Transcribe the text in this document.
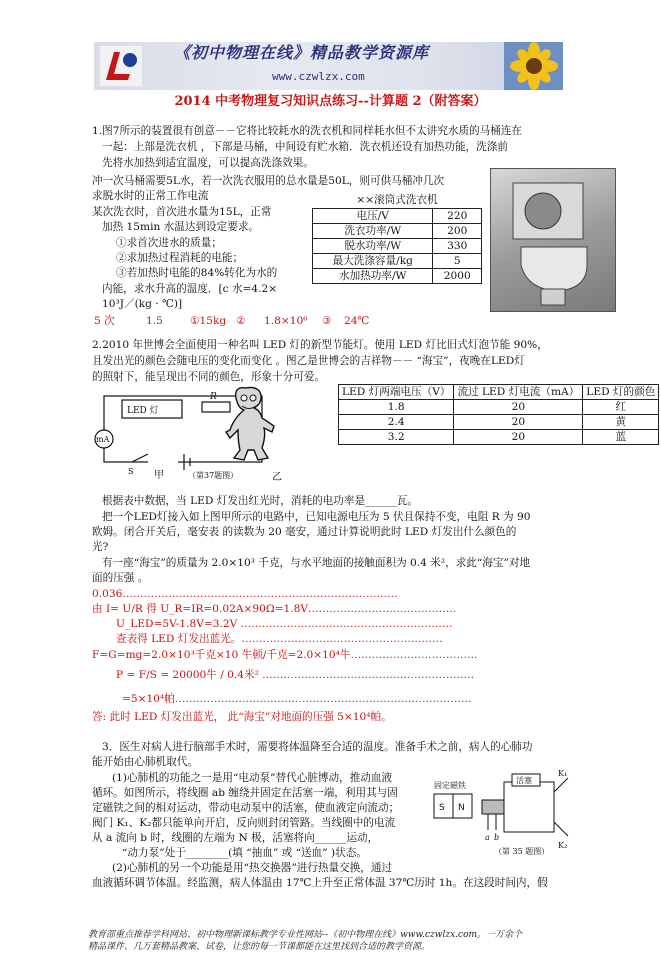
《初中物理在线》精品教学资源库
www.czwlzx.com
2014 中考物理复习知识点练习--计算题 2（附答案）
1.图7所示的装置很有创意－－它将比较耗水的洗衣机和同样耗水但不太讲究水质的马桶连在
一起：上部是洗衣机 ，下部是马桶，中间设有贮水箱．洗衣机还设有加热功能，洗涤前
先将水加热到适宜温度，可以提高洗涤效果。
冲一次马桶需要5L水，若一次洗衣服用的总水量是50L，则可供马桶冲几次
求脱水时的正常工作电流
某次洗衣时，首次进水量为15L，正常
加热 15min 水温达到设定要求。
①求首次进水的质量；
②求加热过程消耗的电能；
③若加热时电能的84%转化为水的
内能，求水升高的温度．[c 水=4.2×
10³J／(kg · ℃)]
××滚筒式洗衣机
电压/V	220
洗衣功率/W	200
脱水功率/W	330
最大洗涤容量/kg	5
水加热功率/W	2000
5 次	1.5	①15kg ② 1.8×10⁶ ③ 24℃
2.2010 年世博会全面使用一种名叫 LED 灯的新型节能灯。使用 LED 灯比旧式灯泡节能 90%，
且发出光的颜色会随电压的变化而变化 。图乙是世博会的吉祥物－－ “海宝”，夜晚在LED灯
的照射下，能呈现出不同的颜色，形象十分可爱。
LED 灯
R
mA
S 甲	（第37题图）	乙
LED 灯两端电压（V）	流过 LED 灯电流（mA）	LED 灯的颜色
1.8	20	红
2.4	20	黄
3.2	20	蓝
根据表中数据，当 LED 灯发出红光时，消耗的电功率是______瓦。
把一个LED灯接入如上图甲所示的电路中，已知电源电压为 5 伏且保持不变，电阻 R 为 90
欧姆。闭合开关后，毫安表 的读数为 20 毫安，通过计算说明此时 LED 灯发出什么颜色的
光?
有一座“海宝”的质量为 2.0×10³ 千克，与水平地面的接触面积为 0.4 米²，求此“海宝”对地
面的压强 。
0.036……………………………………………………………………
由 I= U/R 得 U_R=IR=0.02A×90Ω=1.8V……………………………………
U_LED=5V-1.8V=3.2V ……………………………………………………
查表得 LED 灯发出蓝光。…………………………………………………
F=G=mg=2.0×10³千克×10 牛顿/千克=2.0×10⁴牛………………………………
P = F/S = 20000牛 / 0.4米² ……………………………………………………
=5×10⁴帕…………………………………………………………………………
答: 此时 LED 灯发出蓝光， 此“海宝”对地面的压强 5×10⁴帕。
3．医生对病人进行脑部手术时，需要将体温降至合适的温度。准备手术之前，病人的心肺功
能开始由心肺机取代。
(1)心肺机的功能之一是用“电动泵”替代心脏博动，推动血液
循环。如图所示，将线圈 ab 缠绕并固定在活塞一端，利用其与固
定磁铁之间的相对运动，带动电动泵中的活塞，使血液定向流动；
阀门 K₁、K₂都只能单向开启，反向则封闭管路。当线圈中的电流
从 a 流向 b 时，线圈的左端为 N 极，活塞将向______运动，
“动力泵”处于________(填 “抽血” 或 “送血” )状态。
(2)心肺机的另一个功能是用“热交换器”进行热量交换，通过
血液循环调节体温。经监测，病人体温由 17℃上升至正常体温 37℃历时 1h。在这段时间内，假
固定磁铁
S N
活塞
K₁
K₂
a b
（第 35 题图）
教育部重点推荐学科网站、初中物理新课标教学专业性网站--《初中物理在线》www.czwlzx.com。一万余个
精品课件、几万套精品教案、试卷，让您的每一节课都能在这里找到合适的教学资源。
